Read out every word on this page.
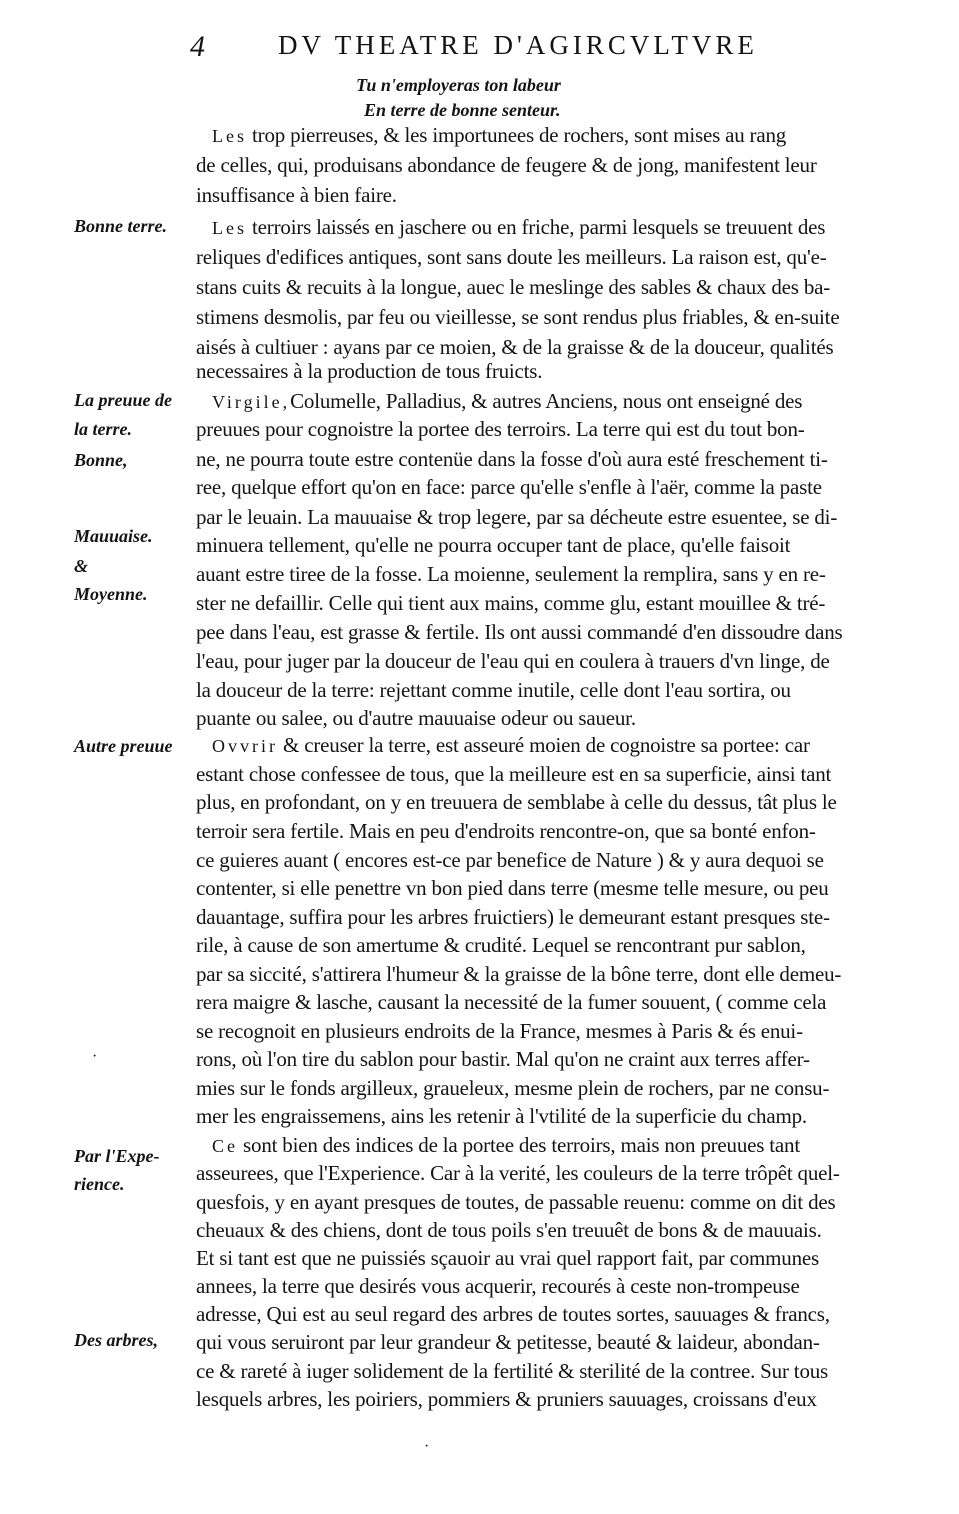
4	DV THEATRE D'AGIRCVLTVRE
Tu n'employeras ton labeur
En terre de bonne senteur.
Bonne terre.
La preuue de
la terre.
Bonne,
Mauuaise.
&
Moyenne.
Autre preuue
Par l'Expe-
rience.
Des arbres,
Les trop pierreuses, & les importunees de rochers, sont mises au rang
de celles, qui, produisans abondance de feugere & de jong, manifestent leur
insuffisance à bien faire.
Les terroirs laissés en jaschere ou en friche, parmi lesquels se treuuent des
reliques d'edifices antiques, sont sans doute les meilleurs. La raison est, qu'e-
stans cuits & recuits à la longue, auec le meslinge des sables & chaux des ba-
stimens desmolis, par feu ou vieillesse, se sont rendus plus friables, & en-suite
aisés à cultiuer : ayans par ce moien, & de la graisse & de la douceur, qualités
necessaires à la production de tous fruicts.
Virgile,Columelle, Palladius, & autres Anciens, nous ont enseigné des
preuues pour cognoistre la portee des terroirs. La terre qui est du tout bon-
ne, ne pourra toute estre contenüe dans la fosse d'où aura esté freschement ti-
ree, quelque effort qu'on en face: parce qu'elle s'enfle à l'aër, comme la paste
par le leuain. La mauuaise & trop legere, par sa décheute estre esuentee, se di-
minuera tellement, qu'elle ne pourra occuper tant de place, qu'elle faisoit
auant estre tiree de la fosse. La moienne, seulement la remplira, sans y en re-
ster ne defaillir. Celle qui tient aux mains, comme glu, estant mouillee & tré-
pee dans l'eau, est grasse & fertile. Ils ont aussi commandé d'en dissoudre dans
l'eau, pour juger par la douceur de l'eau qui en coulera à trauers d'vn linge, de
la douceur de la terre: rejettant comme inutile, celle dont l'eau sortira, ou
puante ou salee, ou d'autre mauuaise odeur ou saueur.
Ovvrir & creuser la terre, est asseuré moien de cognoistre sa portee: car
estant chose confessee de tous, que la meilleure est en sa superficie, ainsi tant
plus, en profondant, on y en treuuera de semblabe à celle du dessus, tât plus le
terroir sera fertile. Mais en peu d'endroits rencontre-on, que sa bonté enfon-
ce guieres auant ( encores est-ce par benefice de Nature ) & y aura dequoi se
contenter, si elle penettre vn bon pied dans terre (mesme telle mesure, ou peu
dauantage, suffira pour les arbres fruictiers) le demeurant estant presques ste-
rile, à cause de son amertume & crudité. Lequel se rencontrant pur sablon,
par sa siccité, s'attirera l'humeur & la graisse de la bône terre, dont elle demeu-
rera maigre & lasche, causant la necessité de la fumer souuent, ( comme cela
se recognoit en plusieurs endroits de la France, mesmes à Paris & és enui-
rons, où l'on tire du sablon pour bastir. Mal qu'on ne craint aux terres affer-
mies sur le fonds argilleux, graueleux, mesme plein de rochers, par ne consu-
mer les engraissemens, ains les retenir à l'vtilité de la superficie du champ.
Ce sont bien des indices de la portee des terroirs, mais non preuues tant
asseurees, que l'Experience. Car à la verité, les couleurs de la terre trôpêt quel-
quesfois, y en ayant presques de toutes, de passable reuenu: comme on dit des
cheuaux & des chiens, dont de tous poils s'en treuuêt de bons & de mauuais.
Et si tant est que ne puissiés sçauoir au vrai quel rapport fait, par communes
annees, la terre que desirés vous acquerir, recourés à ceste non-trompeuse
adresse, Qui est au seul regard des arbres de toutes sortes, sauuages & francs,
qui vous seruiront par leur grandeur & petitesse, beauté & laideur, abondan-
ce & rareté à iuger solidement de la fertilité & sterilité de la contree. Sur tous
lesquels arbres, les poiriers, pommiers & pruniers sauuages, croissans d'eux
·
·
